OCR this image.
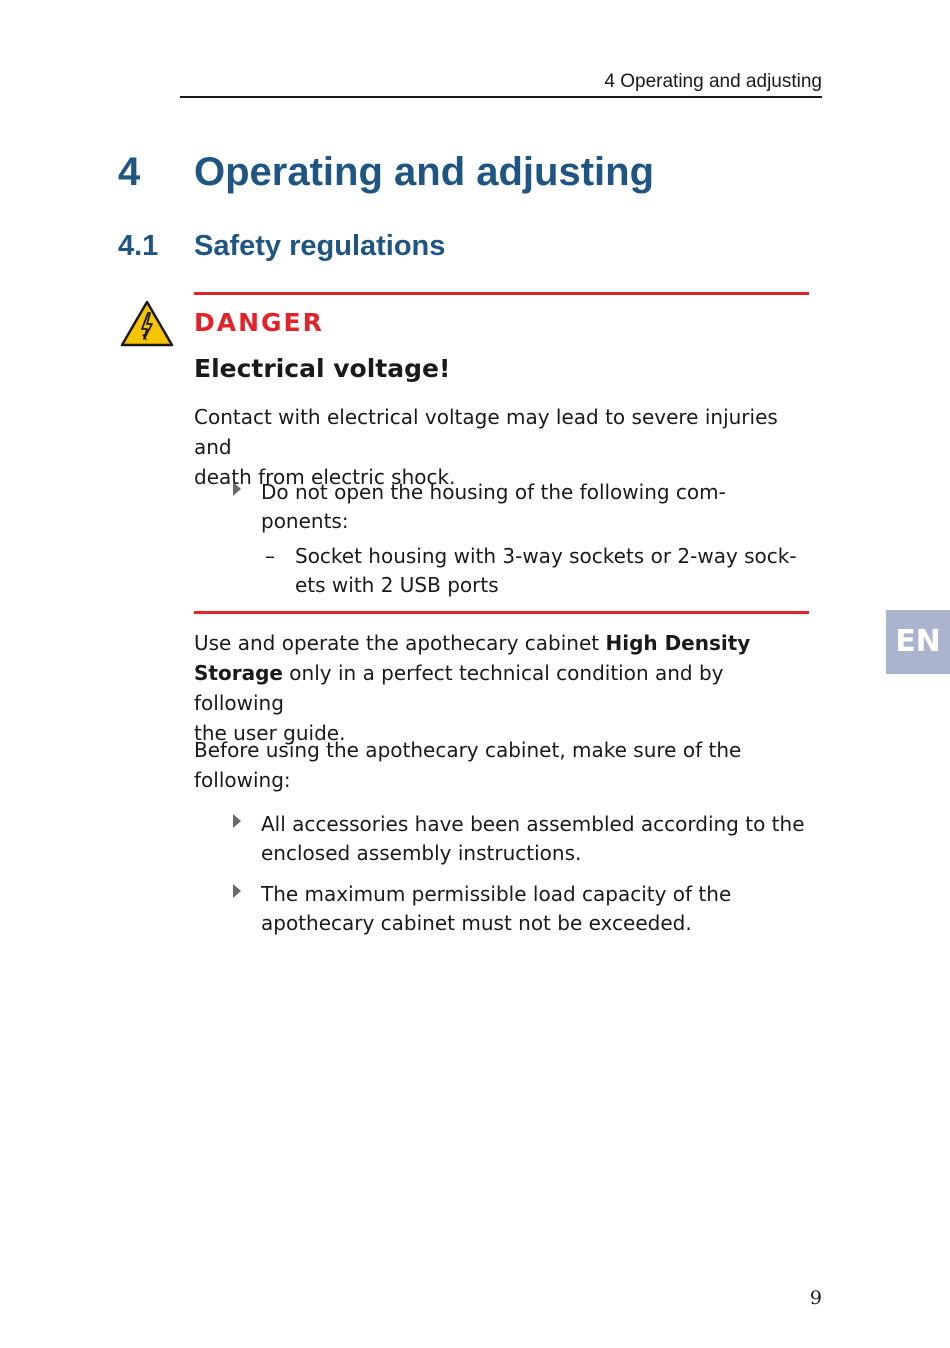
4 Operating and adjusting
4 Operating and adjusting
4.1 Safety regulations
DANGER
Electrical voltage!

Contact with electrical voltage may lead to severe injuries and

death from electric shock.

Do not open the housing of the following com-
ponents:
– Socket housing with 3-way sockets or 2-way sock-
ets with 2 USB ports

Use and operate the apothecary cabinet High Density
Storage only in a perfect technical condition and by following
the user guide.

Before using the apothecary cabinet, make sure of the

following:

All accessories have been assembled according to the
enclosed assembly instructions.
The maximum permissible load capacity of the
apothecary cabinet must not be exceeded.
EN
9
